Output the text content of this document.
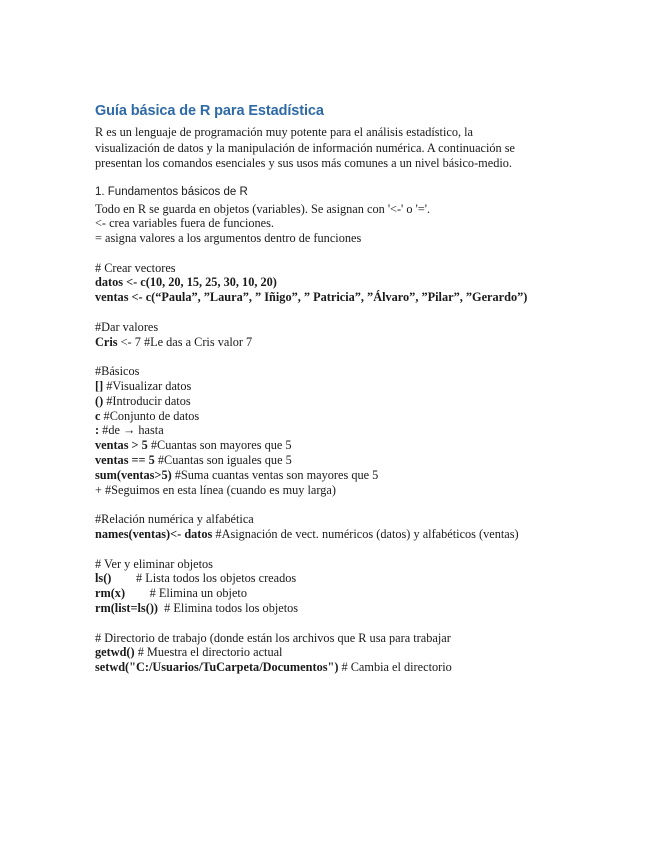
Guía básica de R para Estadística

R es un lenguaje de programación muy potente para el análisis estadístico, la

visualización de datos y la manipulación de información numérica. A continuación se

presentan los comandos esenciales y sus usos más comunes a un nivel básico-medio.

1. Fundamentos básicos de R

Todo en R se guarda en objetos (variables). Se asignan con '<-' o '='.

<- crea variables fuera de funciones.

= asigna valores a los argumentos dentro de funciones

# Crear vectores

datos <- c(10, 20, 15, 25, 30, 10, 20)

ventas <- c(“Paula”, ”Laura”, ” Iñigo”, ” Patricia”, ”Álvaro”, ”Pilar”, ”Gerardo”)

#Dar valores

Cris <- 7 #Le das a Cris valor 7

#Básicos

[] #Visualizar datos

() #Introducir datos

c #Conjunto de datos

: #de → hasta

ventas > 5 #Cuantas son mayores que 5

ventas == 5 #Cuantas son iguales que 5

sum(ventas>5) #Suma cuantas ventas son mayores que 5

+ #Seguimos en esta línea (cuando es muy larga)

#Relación numérica y alfabética

names(ventas)<- datos #Asignación de vect. numéricos (datos) y alfabéticos (ventas)

# Ver y eliminar objetos

ls()        # Lista todos los objetos creados

rm(x)        # Elimina un objeto

rm(list=ls())  # Elimina todos los objetos

# Directorio de trabajo (donde están los archivos que R usa para trabajar

getwd() # Muestra el directorio actual

setwd("C:/Usuarios/TuCarpeta/Documentos") # Cambia el directorio
